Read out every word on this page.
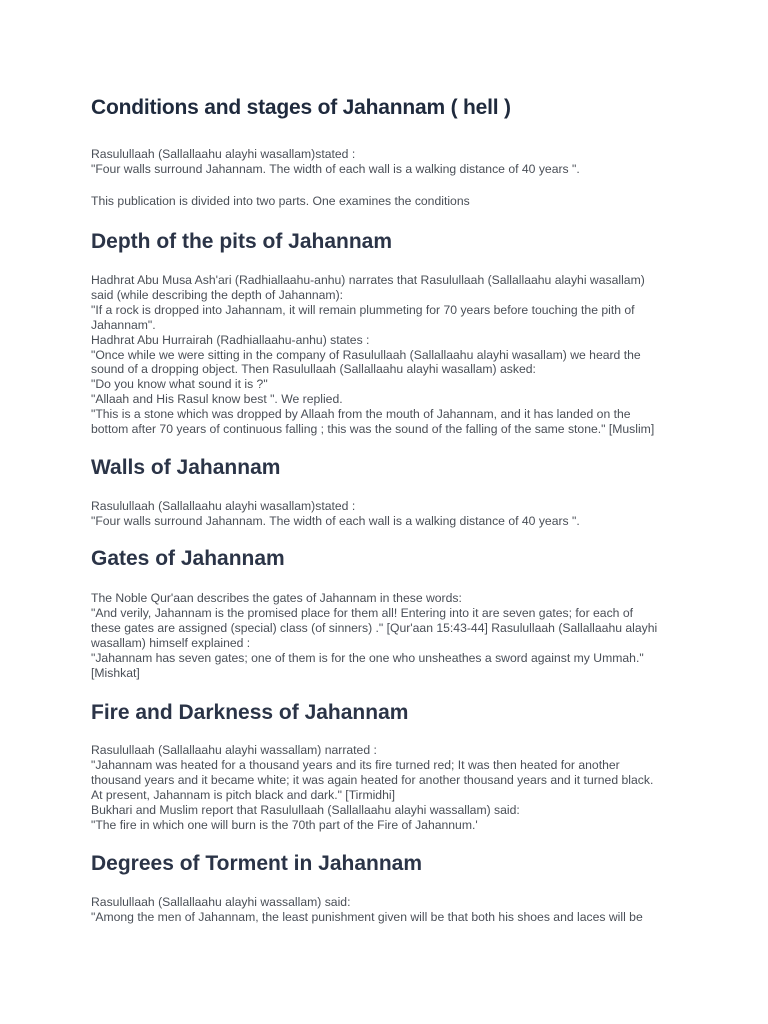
Conditions and stages of Jahannam ( hell )

Rasulullaah (Sallallaahu alayhi wasallam)stated :
"Four walls surround Jahannam. The width of each wall is a walking distance of 40 years ".

This publication is divided into two parts. One examines the conditions

Depth of the pits of Jahannam

Hadhrat Abu Musa Ash'ari (Radhiallaahu-anhu) narrates that Rasulullaah (Sallallaahu alayhi wasallam)
said (while describing the depth of Jahannam):
"If a rock is dropped into Jahannam, it will remain plummeting for 70 years before touching the pith of
Jahannam".
Hadhrat Abu Hurrairah (Radhiallaahu-anhu) states :
"Once while we were sitting in the company of Rasulullaah (Sallallaahu alayhi wasallam) we heard the
sound of a dropping object. Then Rasulullaah (Sallallaahu alayhi wasallam) asked:
"Do you know what sound it is ?"
"Allaah and His Rasul know best ". We replied.
"This is a stone which was dropped by Allaah from the mouth of Jahannam, and it has landed on the
bottom after 70 years of continuous falling ; this was the sound of the falling of the same stone." [Muslim]

Walls of Jahannam

Rasulullaah (Sallallaahu alayhi wasallam)stated :
"Four walls surround Jahannam. The width of each wall is a walking distance of 40 years ".

Gates of Jahannam

The Noble Qur'aan describes the gates of Jahannam in these words:
"And verily, Jahannam is the promised place for them all! Entering into it are seven gates; for each of
these gates are assigned (special) class (of sinners) ." [Qur'aan 15:43-44] Rasulullaah (Sallallaahu alayhi
wasallam) himself explained :
"Jahannam has seven gates; one of them is for the one who unsheathes a sword against my Ummah."
[Mishkat]

Fire and Darkness of Jahannam

Rasulullaah (Sallallaahu alayhi wassallam) narrated :
"Jahannam was heated for a thousand years and its fire turned red; It was then heated for another
thousand years and it became white; it was again heated for another thousand years and it turned black.
At present, Jahannam is pitch black and dark." [Tirmidhi]
Bukhari and Muslim report that Rasulullaah (Sallallaahu alayhi wassallam) said:
"The fire in which one will burn is the 70th part of the Fire of Jahannum.'

Degrees of Torment in Jahannam

Rasulullaah (Sallallaahu alayhi wassallam) said:
"Among the men of Jahannam, the least punishment given will be that both his shoes and laces will be
